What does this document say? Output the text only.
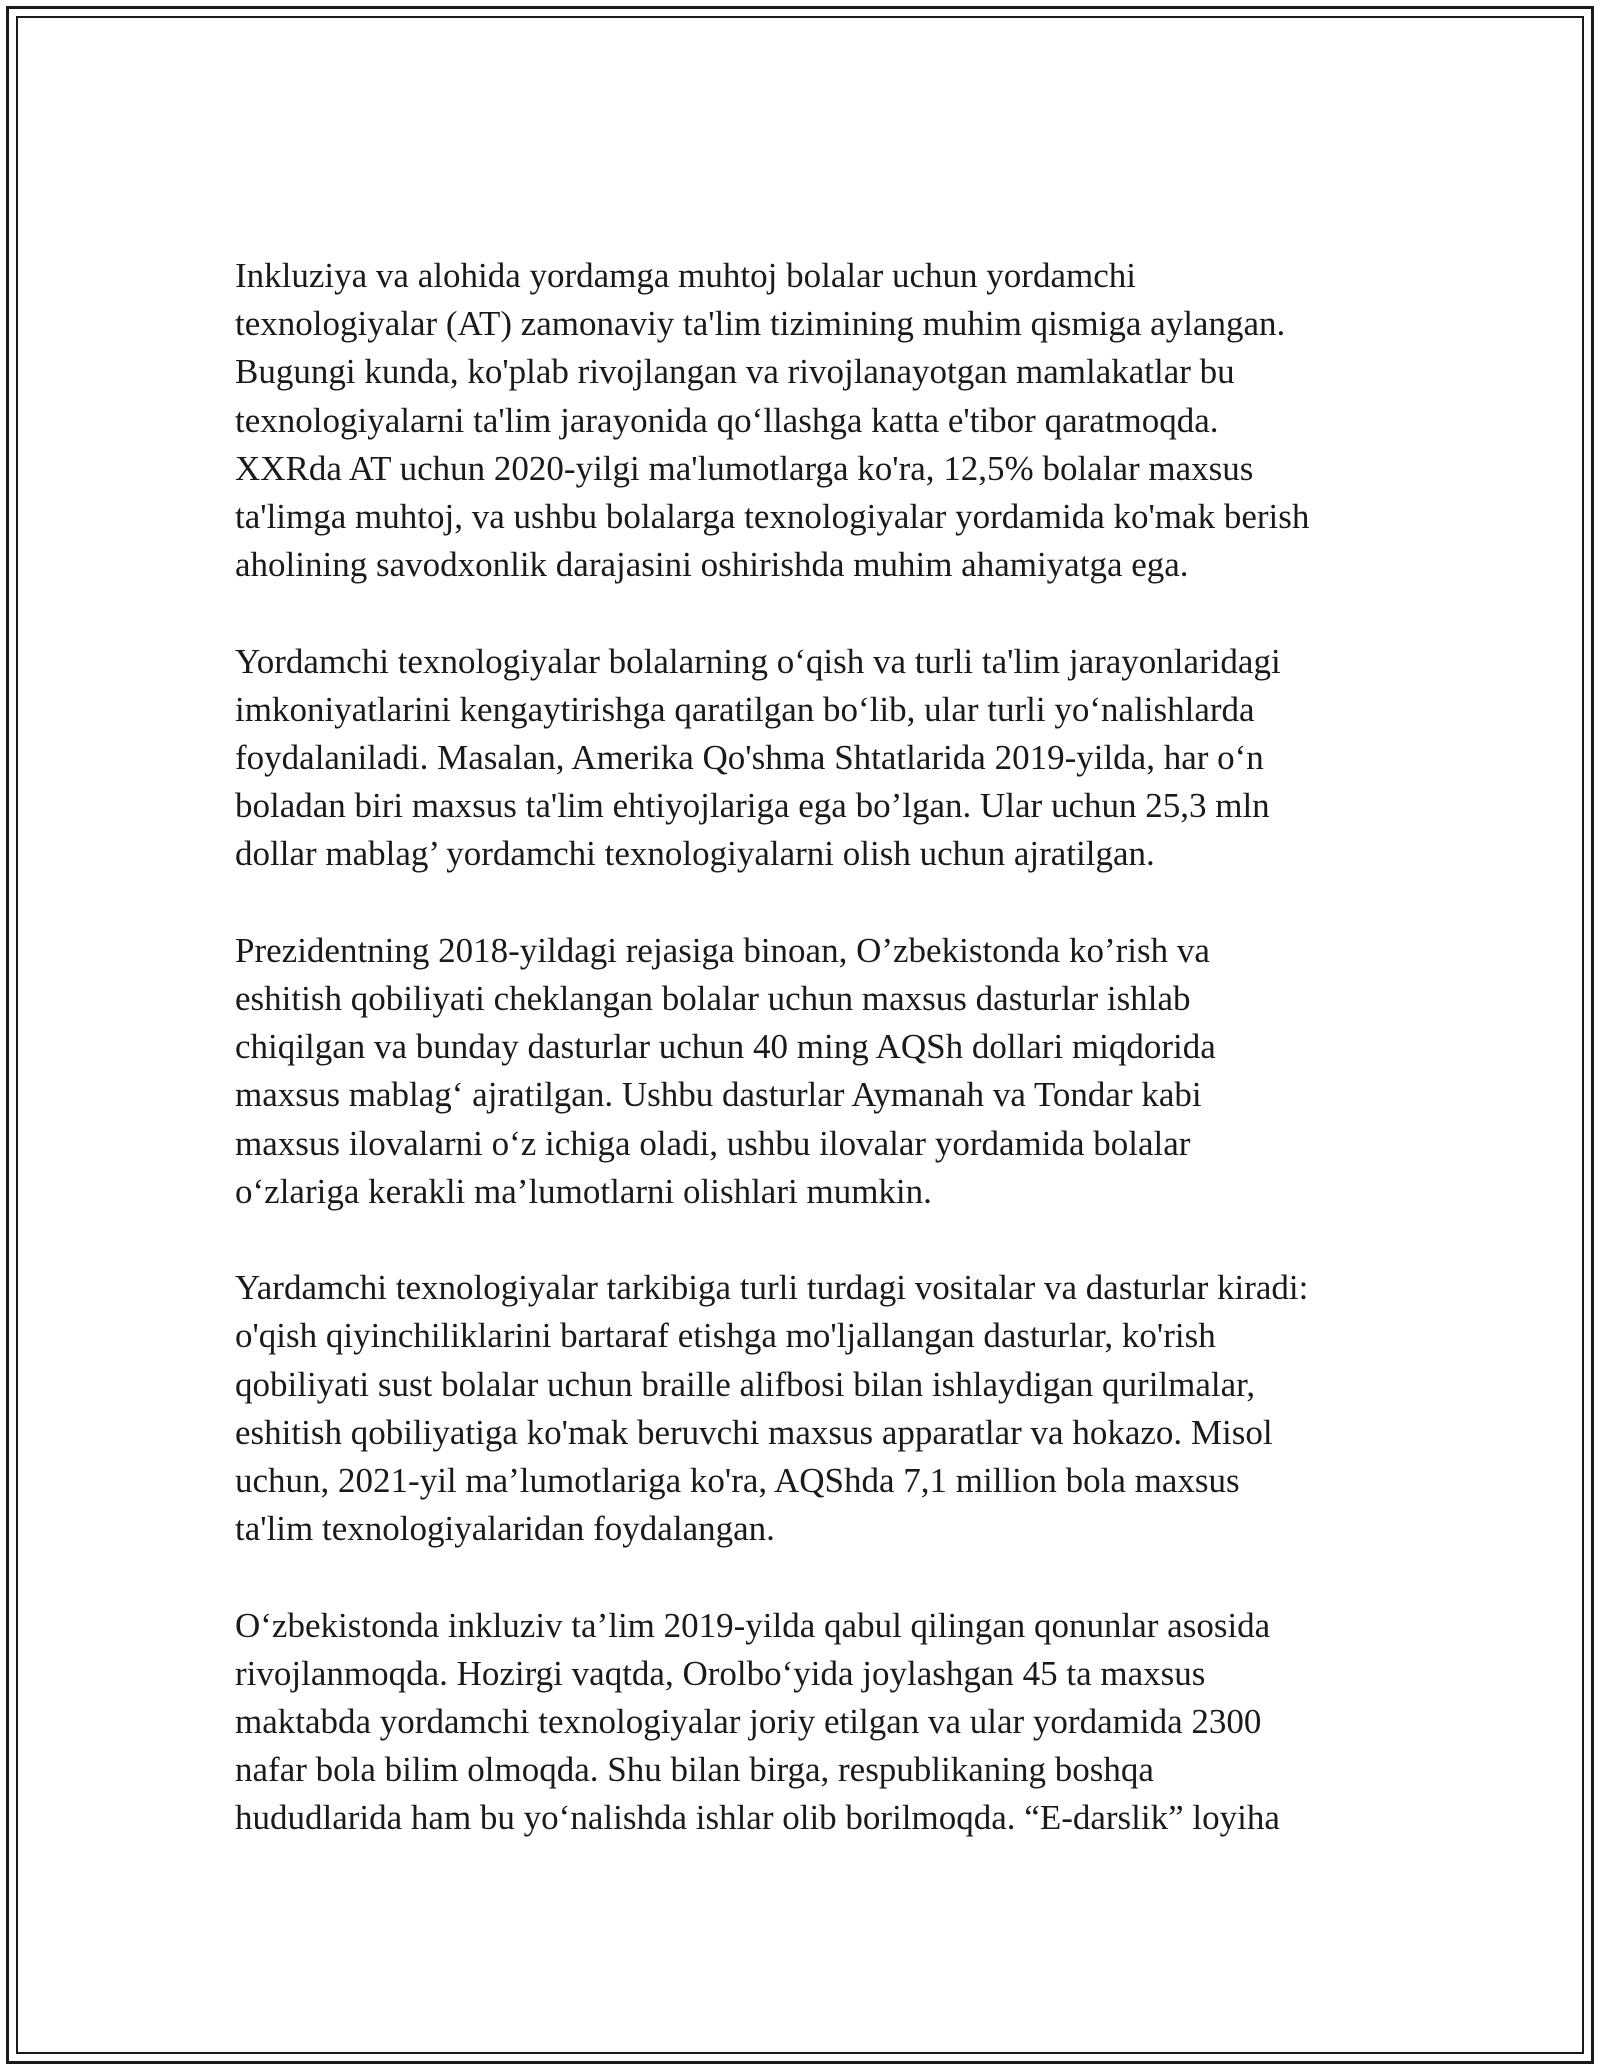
Inkluziya va alohida yordamga muhtoj bolalar uchun yordamchi
texnologiyalar (AT) zamonaviy ta'lim tizimining muhim qismiga aylangan.
Bugungi kunda, ko'plab rivojlangan va rivojlanayotgan mamlakatlar bu
texnologiyalarni ta'lim jarayonida qo‘llashga katta e'tibor qaratmoqda.
XXRda AT uchun 2020-yilgi ma'lumotlarga ko'ra, 12,5% bolalar maxsus
ta'limga muhtoj, va ushbu bolalarga texnologiyalar yordamida ko'mak berish
aholining savodxonlik darajasini oshirishda muhim ahamiyatga ega.

Yordamchi texnologiyalar bolalarning o‘qish va turli ta'lim jarayonlaridagi
imkoniyatlarini kengaytirishga qaratilgan bo‘lib, ular turli yo‘nalishlarda
foydalaniladi. Masalan, Amerika Qo'shma Shtatlarida 2019-yilda, har o‘n
boladan biri maxsus ta'lim ehtiyojlariga ega bo’lgan. Ular uchun 25,3 mln
dollar mablag’ yordamchi texnologiyalarni olish uchun ajratilgan.

Prezidentning 2018-yildagi rejasiga binoan, O’zbekistonda ko’rish va
eshitish qobiliyati cheklangan bolalar uchun maxsus dasturlar ishlab
chiqilgan va bunday dasturlar uchun 40 ming AQSh dollari miqdorida
maxsus mablag‘ ajratilgan. Ushbu dasturlar Aymanah va Tondar kabi
maxsus ilovalarni o‘z ichiga oladi, ushbu ilovalar yordamida bolalar
o‘zlariga kerakli ma’lumotlarni olishlari mumkin.

Yardamchi texnologiyalar tarkibiga turli turdagi vositalar va dasturlar kiradi:
o'qish qiyinchiliklarini bartaraf etishga mo'ljallangan dasturlar, ko'rish
qobiliyati sust bolalar uchun braille alifbosi bilan ishlaydigan qurilmalar,
eshitish qobiliyatiga ko'mak beruvchi maxsus apparatlar va hokazo. Misol
uchun, 2021-yil ma’lumotlariga ko'ra, AQShda 7,1 million bola maxsus
ta'lim texnologiyalaridan foydalangan.

O‘zbekistonda inkluziv ta’lim 2019-yilda qabul qilingan qonunlar asosida
rivojlanmoqda. Hozirgi vaqtda, Orolbo‘yida joylashgan 45 ta maxsus
maktabda yordamchi texnologiyalar joriy etilgan va ular yordamida 2300
nafar bola bilim olmoqda. Shu bilan birga, respublikaning boshqa
hududlarida ham bu yo‘nalishda ishlar olib borilmoqda. “E-darslik” loyiha
